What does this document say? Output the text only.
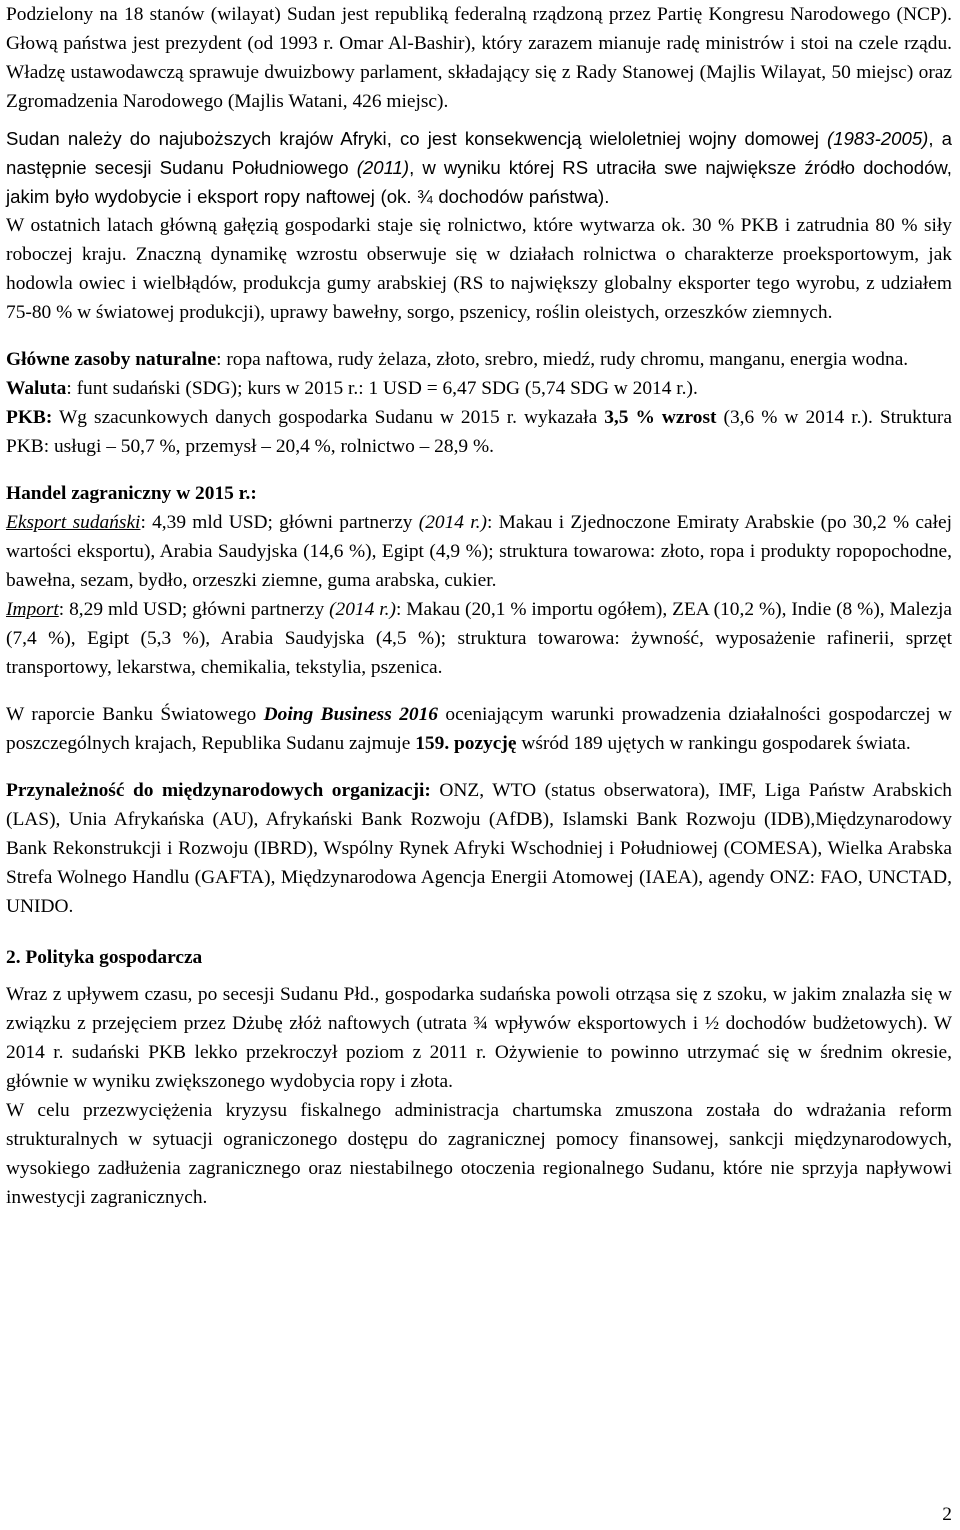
Podzielony na 18 stanów (wilayat) Sudan jest republiką federalną rządzoną przez Partię Kongresu Narodowego (NCP). Głową państwa jest prezydent (od 1993 r. Omar Al-Bashir), który zarazem mianuje radę ministrów i stoi na czele rządu. Władzę ustawodawczą sprawuje dwuizbowy parlament, składający się z Rady Stanowej (Majlis Wilayat, 50 miejsc) oraz Zgromadzenia Narodowego (Majlis Watani, 426 miejsc).

Sudan należy do najuboższych krajów Afryki, co jest konsekwencją wieloletniej wojny domowej (1983-2005), a następnie secesji Sudanu Południowego (2011), w wyniku której RS utraciła swe największe źródło dochodów, jakim było wydobycie i eksport ropy naftowej (ok. ¾ dochodów państwa).

W ostatnich latach główną gałęzią gospodarki staje się rolnictwo, które wytwarza ok. 30 % PKB i zatrudnia 80 % siły roboczej kraju. Znaczną dynamikę wzrostu obserwuje się w działach rolnictwa o charakterze proeksportowym, jak hodowla owiec i wielbłądów, produkcja gumy arabskiej (RS to największy globalny eksporter tego wyrobu, z udziałem 75-80 % w światowej produkcji), uprawy bawełny, sorgo, pszenicy, roślin oleistych, orzeszków ziemnych.

Główne zasoby naturalne: ropa naftowa, rudy żelaza, złoto, srebro, miedź, rudy chromu, manganu, energia wodna.

Waluta: funt sudański (SDG); kurs w 2015 r.: 1 USD = 6,47 SDG (5,74 SDG w 2014 r.).

PKB: Wg szacunkowych danych gospodarka Sudanu w 2015 r. wykazała 3,5 % wzrost (3,6 % w 2014 r.). Struktura PKB: usługi – 50,7 %, przemysł – 20,4 %, rolnictwo – 28,9 %.

Handel zagraniczny w 2015 r.:

Eksport sudański: 4,39 mld USD; główni partnerzy (2014 r.): Makau i Zjednoczone Emiraty Arabskie (po 30,2 % całej wartości eksportu), Arabia Saudyjska (14,6 %), Egipt (4,9 %); struktura towarowa: złoto, ropa i produkty ropopochodne, bawełna, sezam, bydło, orzeszki ziemne, guma arabska, cukier.

Import: 8,29 mld USD; główni partnerzy (2014 r.): Makau (20,1 % importu ogółem), ZEA (10,2 %), Indie (8 %), Malezja (7,4 %), Egipt (5,3 %), Arabia Saudyjska (4,5 %); struktura towarowa: żywność, wyposażenie rafinerii, sprzęt transportowy, lekarstwa, chemikalia, tekstylia, pszenica.

W raporcie Banku Światowego Doing Business 2016 oceniającym warunki prowadzenia działalności gospodarczej w poszczególnych krajach, Republika Sudanu zajmuje 159. pozycję wśród 189 ujętych w rankingu gospodarek świata.

Przynależność do międzynarodowych organizacji: ONZ, WTO (status obserwatora), IMF, Liga Państw Arabskich (LAS), Unia Afrykańska (AU), Afrykański Bank Rozwoju (AfDB), Islamski Bank Rozwoju (IDB),Międzynarodowy Bank Rekonstrukcji i Rozwoju (IBRD), Wspólny Rynek Afryki Wschodniej i Południowej (COMESA), Wielka Arabska Strefa Wolnego Handlu (GAFTA), Międzynarodowa Agencja Energii Atomowej (IAEA), agendy ONZ: FAO, UNCTAD, UNIDO.

2. Polityka gospodarcza

Wraz z upływem czasu, po secesji Sudanu Płd., gospodarka sudańska powoli otrząsa się z szoku, w jakim znalazła się w związku z przejęciem przez Dżubę złóż naftowych (utrata ¾ wpływów eksportowych i ½ dochodów budżetowych). W 2014 r. sudański PKB lekko przekroczył poziom z 2011 r. Ożywienie to powinno utrzymać się w średnim okresie, głównie w wyniku zwiększonego wydobycia ropy i złota.

W celu przezwyciężenia kryzysu fiskalnego administracja chartumska zmuszona została do wdrażania reform strukturalnych w sytuacji ograniczonego dostępu do zagranicznej pomocy finansowej, sankcji międzynarodowych, wysokiego zadłużenia zagranicznego oraz niestabilnego otoczenia regionalnego Sudanu, które nie sprzyja napływowi inwestycji zagranicznych.

2
